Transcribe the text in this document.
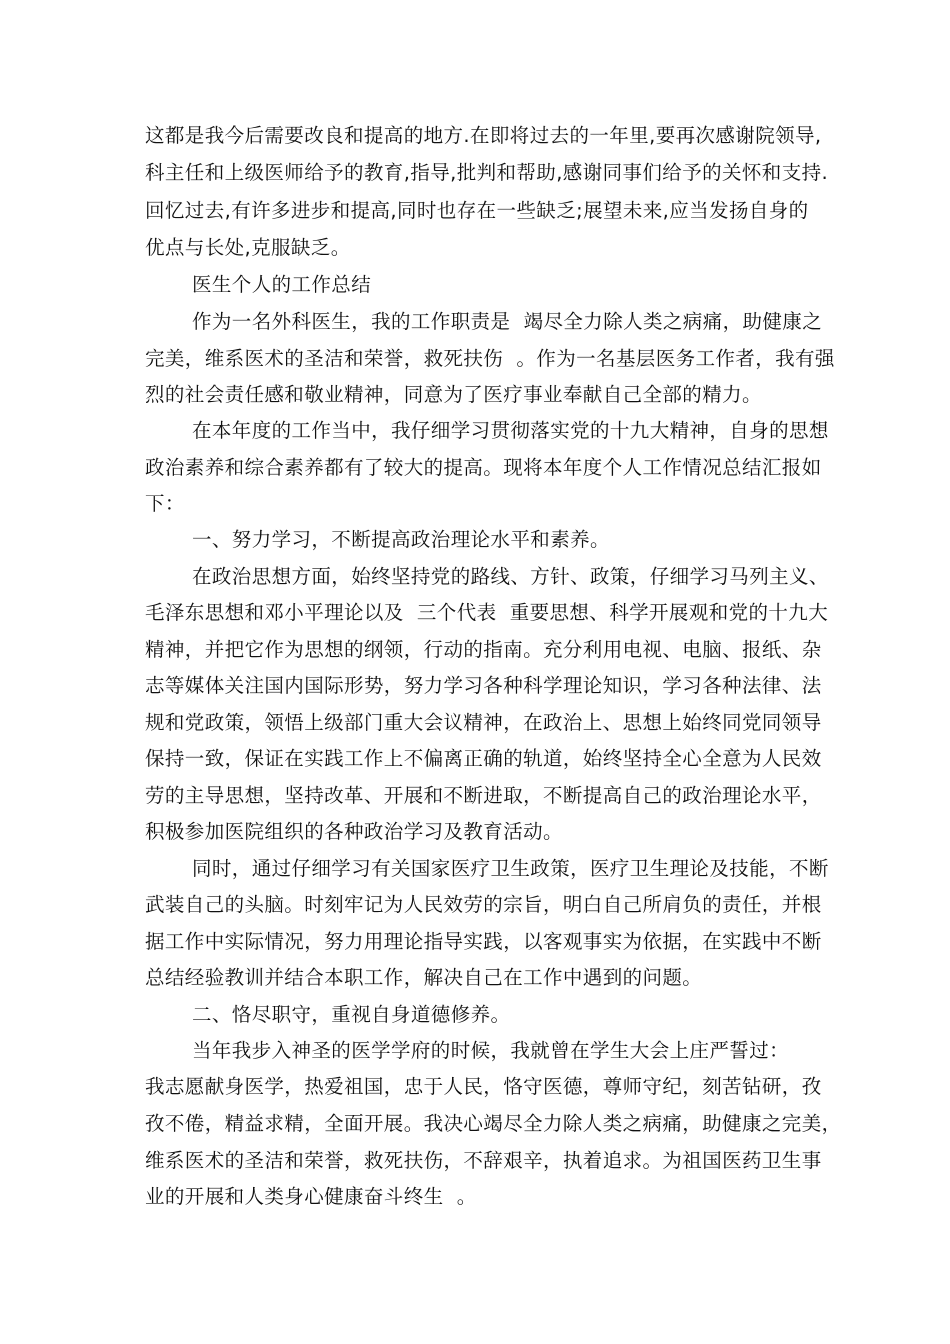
这都是我今后需要改良和提高的地方.在即将过去的一年里,要再次感谢院领导,
科主任和上级医师给予的教育,指导,批判和帮助,感谢同事们给予的关怀和支持.
回忆过去,有许多进步和提高,同时也存在一些缺乏;展望未来,应当发扬自身的
优点与长处,克服缺乏。
医生个人的工作总结
作为一名外科医生，我的工作职责是  竭尽全力除人类之病痛，助健康之
完美，维系医术的圣洁和荣誉，救死扶伤  。作为一名基层医务工作者，我有强
烈的社会责任感和敬业精神，同意为了医疗事业奉献自己全部的精力。
在本年度的工作当中，我仔细学习贯彻落实党的十九大精神，自身的思想
政治素养和综合素养都有了较大的提高。现将本年度个人工作情况总结汇报如
下：
一、努力学习，不断提高政治理论水平和素养。
在政治思想方面，始终坚持党的路线、方针、政策，仔细学习马列主义、
毛泽东思想和邓小平理论以及  三个代表  重要思想、科学开展观和党的十九大
精神，并把它作为思想的纲领，行动的指南。充分利用电视、电脑、报纸、杂
志等媒体关注国内国际形势，努力学习各种科学理论知识，学习各种法律、法
规和党政策，领悟上级部门重大会议精神，在政治上、思想上始终同党同领导
保持一致，保证在实践工作上不偏离正确的轨道，始终坚持全心全意为人民效
劳的主导思想，坚持改革、开展和不断进取，不断提高自己的政治理论水平，
积极参加医院组织的各种政治学习及教育活动。
同时，通过仔细学习有关国家医疗卫生政策，医疗卫生理论及技能，不断
武装自己的头脑。时刻牢记为人民效劳的宗旨，明白自己所肩负的责任，并根
据工作中实际情况，努力用理论指导实践，以客观事实为依据，在实践中不断
总结经验教训并结合本职工作，解决自己在工作中遇到的问题。
二、恪尽职守，重视自身道德修养。
当年我步入神圣的医学学府的时候，我就曾在学生大会上庄严誓过：
我志愿献身医学，热爱祖国，忠于人民，恪守医德，尊师守纪，刻苦钻研，孜
孜不倦，精益求精，全面开展。我决心竭尽全力除人类之病痛，助健康之完美，
维系医术的圣洁和荣誉，救死扶伤，不辞艰辛，执着追求。为祖国医药卫生事
业的开展和人类身心健康奋斗终生  。
